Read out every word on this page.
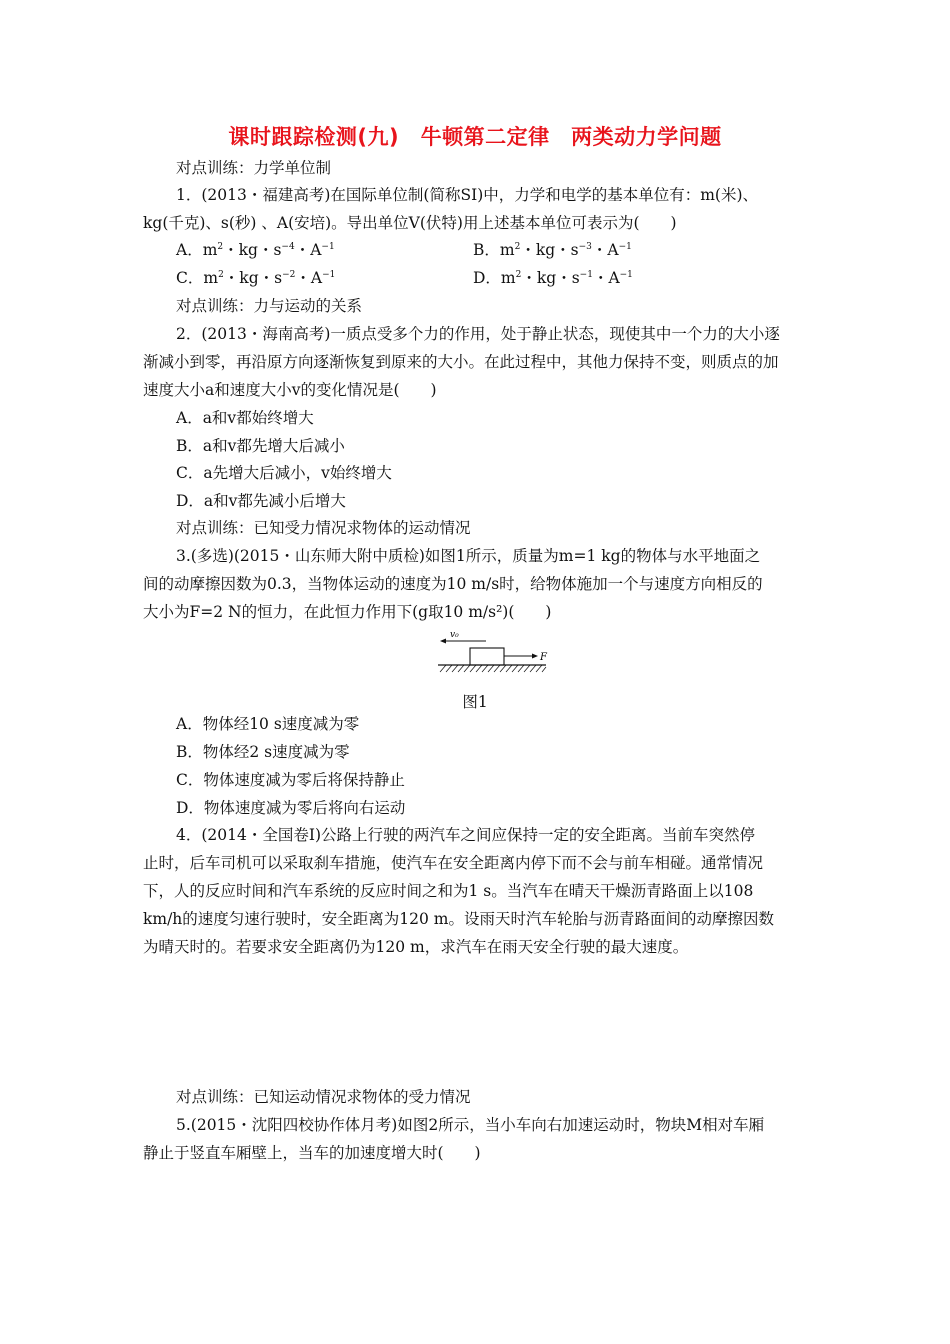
课时跟踪检测(九)　牛顿第二定律　两类动力学问题
对点训练：力学单位制
1．(2013・福建高考)在国际单位制(简称SI)中，力学和电学的基本单位有：m(米)、
kg(千克)、s(秒) 、A(安培)。导出单位V(伏特)用上述基本单位可表示为(　　)
A．$m^2$・kg・$s^{-4}$・$A^{-1}$	B．$m^2$・kg・$s^{-3}$・$A^{-1}$
C．$m^2$・kg・$s^{-2}$・$A^{-1}$	D．$m^2$・kg・$s^{-1}$・$A^{-1}$
对点训练：力与运动的关系
2．(2013・海南高考)一质点受多个力的作用，处于静止状态，现使其中一个力的大小逐
渐减小到零，再沿原方向逐渐恢复到原来的大小。在此过程中，其他力保持不变，则质点的加
速度大小a和速度大小v的变化情况是(　　)
A．a和v都始终增大
B．a和v都先增大后减小
C．a先增大后减小，v始终增大
D．a和v都先减小后增大
对点训练：已知受力情况求物体的运动情况
3.(多选)(2015・山东师大附中质检)如图1所示，质量为m=1 kg的物体与水平地面之
间的动摩擦因数为0.3，当物体运动的速度为10 m/s时，给物体施加一个与速度方向相反的
大小为F=2 N的恒力，在此恒力作用下(g取10 m/s²)(　　)
v₀
F
图1
A．物体经10 s速度减为零
B．物体经2 s速度减为零
C．物体速度减为零后将保持静止
D．物体速度减为零后将向右运动
4．(2014・全国卷Ⅰ)公路上行驶的两汽车之间应保持一定的安全距离。当前车突然停
止时，后车司机可以采取刹车措施，使汽车在安全距离内停下而不会与前车相碰。通常情况
下，人的反应时间和汽车系统的反应时间之和为1 s。当汽车在晴天干燥沥青路面上以108
km/h的速度匀速行驶时，安全距离为120 m。设雨天时汽车轮胎与沥青路面间的动摩擦因数
为晴天时的。若要求安全距离仍为120 m，求汽车在雨天安全行驶的最大速度。
对点训练：已知运动情况求物体的受力情况
5.(2015・沈阳四校协作体月考)如图2所示，当小车向右加速运动时，物块M相对车厢
静止于竖直车厢壁上，当车的加速度增大时(　　)
